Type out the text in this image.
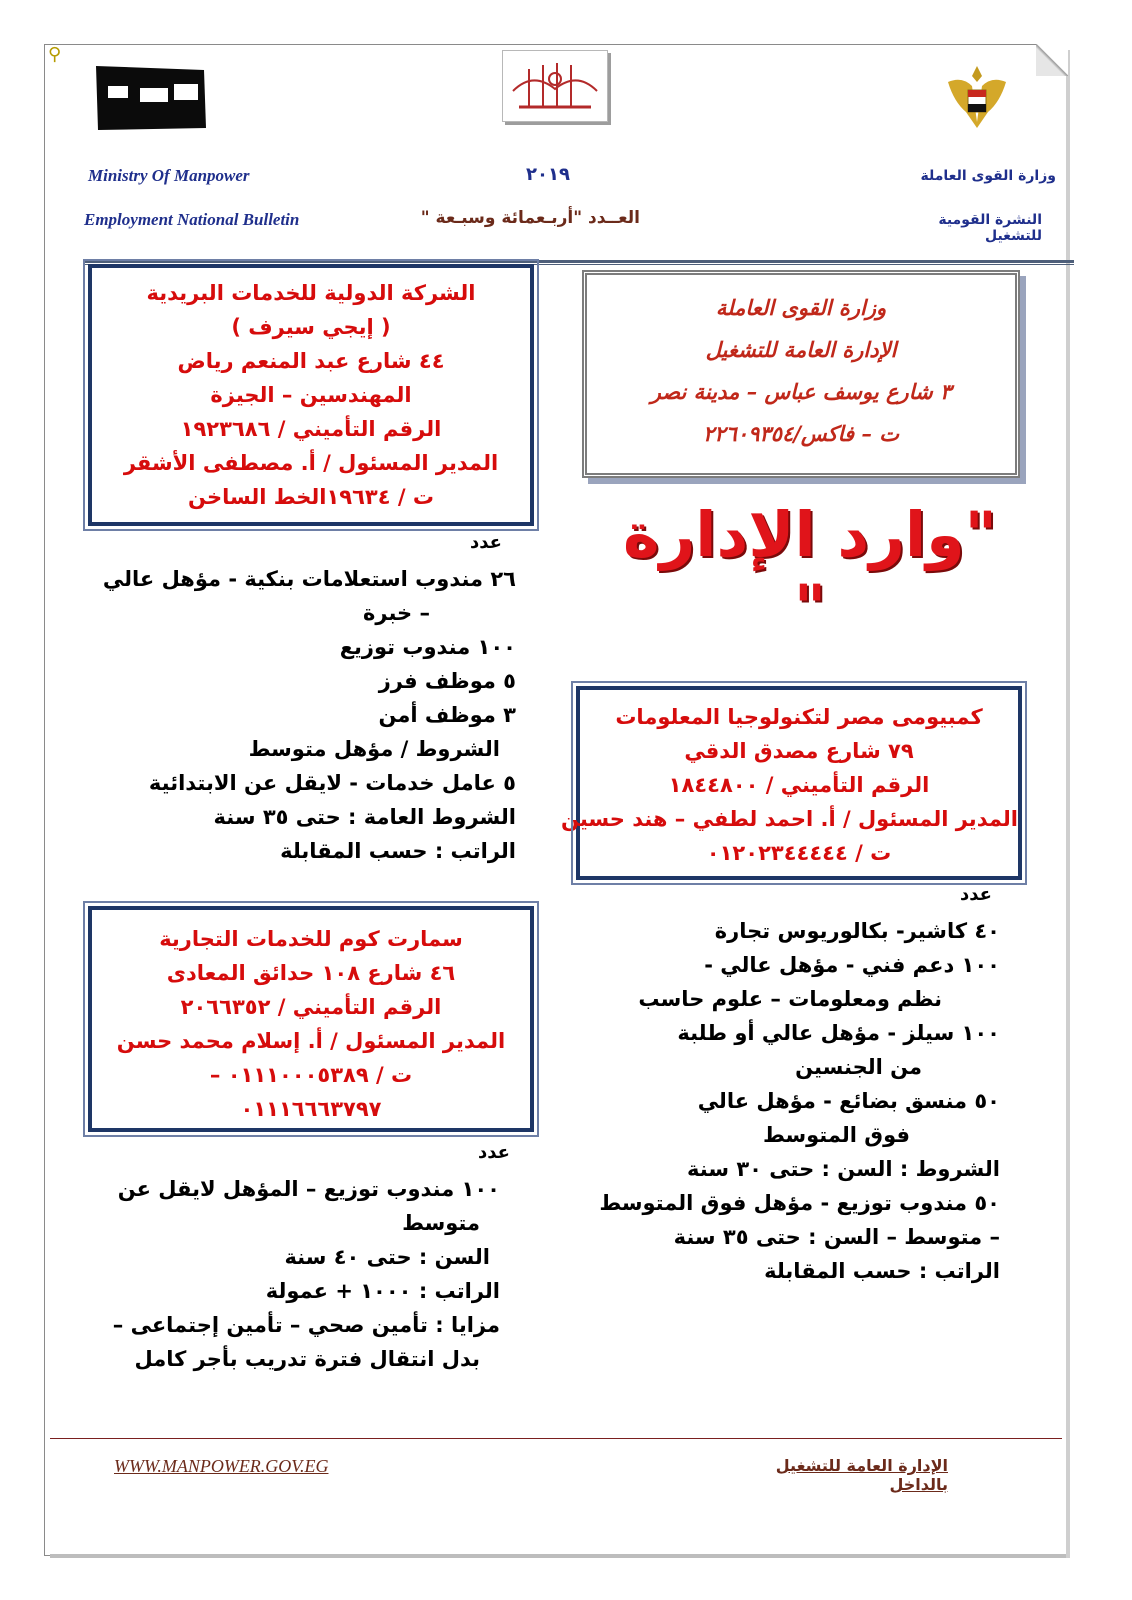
⚲
Ministry Of Manpower
Employment National Bulletin
٢٠١٩
العــدد "أربـعمائة وسبـعة "
وزارة القوى العاملة
النشرة القومية للتشغيل
وزارة القوى العاملة
الإدارة العامة للتشغيل
٣ شارع يوسف عباس – مدينة نصر
ت – فاكس/٢٢٦٠٩٣٥٤
"وارد الإدارة "
الشركة الدولية للخدمات البريدية
( إيجي سيرف )
٤٤ شارع عبد المنعم رياض
المهندسين – الجيزة
الرقم التأميني / ١٩٢٣٦٨٦
المدير المسئول / أ. مصطفى الأشقر
ت / ١٩٦٣٤الخط الساخن
عدد
٢٦ مندوب استعلامات بنكية - مؤهل عالي
– خبرة
١٠٠ مندوب توزيع
٥ موظف فرز
٣ موظف أمن
الشروط / مؤهل متوسط
٥ عامل خدمات - لايقل عن الابتدائية
الشروط العامة : حتى ٣٥ سنة
الراتب : حسب المقابلة
كمبيومى مصر لتكنولوجيا المعلومات
٧٩ شارع مصدق الدقي
الرقم التأميني / ١٨٤٤٨٠٠
المدير المسئول / أ. احمد لطفي – هند حسين
ت / ٠١٢٠٢٣٤٤٤٤٤
عدد
٤٠ كاشير- بكالوريوس تجارة
١٠٠ دعم فني - مؤهل عالي -
نظم ومعلومات – علوم حاسب
١٠٠ سيلز - مؤهل عالي أو طلبة
من الجنسين
٥٠ منسق بضائع - مؤهل عالي
فوق المتوسط
الشروط : السن : حتى ٣٠ سنة
٥٠ مندوب توزيع - مؤهل فوق المتوسط
– متوسط – السن : حتى ٣٥ سنة
الراتب : حسب المقابلة
سمارت كوم للخدمات التجارية
٤٦ شارع ١٠٨ حدائق المعادى
الرقم التأميني / ٢٠٦٦٣٥٢
المدير المسئول / أ. إسلام محمد حسن
ت / ٠١١١٠٠٠٥٣٨٩ –
٠١١١٦٦٦٣٧٩٧
عدد
١٠٠ مندوب توزيع – المؤهل لايقل عن
متوسط
السن : حتى ٤٠ سنة
الراتب : ١٠٠٠ + عمولة
مزايا : تأمين صحي – تأمين إجتماعى –
بدل انتقال فترة تدريب بأجر كامل
WWW.MANPOWER.GOV.EG	الإدارة العامة للتشغيل بالداخل
